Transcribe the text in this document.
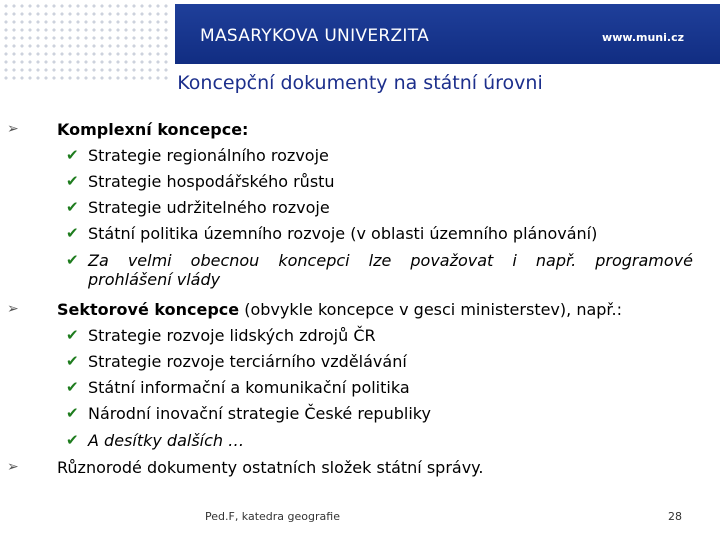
MASARYKOVA UNIVERZITA	www.muni.cz
Koncepční dokumenty na státní úrovni
➢ Komplexní koncepce:
✔ Strategie regionálního rozvoje
✔ Strategie hospodářského růstu
✔ Strategie udržitelného rozvoje
✔ Státní politika územního rozvoje (v oblasti územního plánování)
✔ Za velmi obecnou koncepci lze považovat i např. programové
prohlášení vlády
➢ Sektorové koncepce (obvykle koncepce v gesci ministerstev), např.:
✔ Strategie rozvoje lidských zdrojů ČR
✔ Strategie rozvoje terciárního vzdělávání
✔ Státní informační a komunikační politika
✔ Národní inovační strategie České republiky
✔ A desítky dalších …
➢ Různorodé dokumenty ostatních složek státní správy.
Ped.F, katedra geografie	28
